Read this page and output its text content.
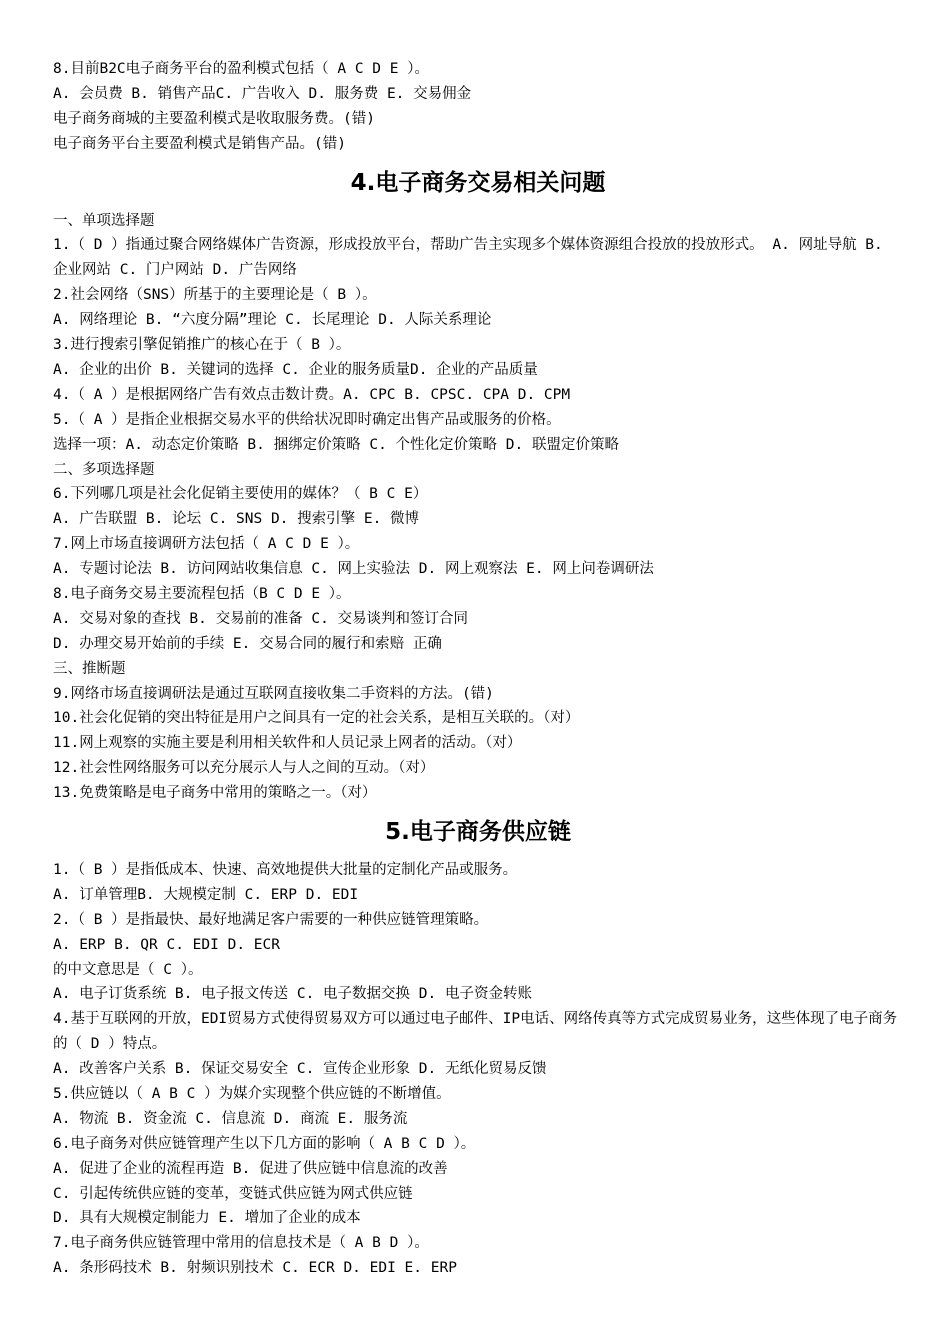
8.目前B2C电子商务平台的盈利模式包括（ A C D E ）。
A. 会员费 B. 销售产品C. 广告收入 D. 服务费 E. 交易佣金
电子商务商城的主要盈利模式是收取服务费。(错)
电子商务平台主要盈利模式是销售产品。(错)
4.电子商务交易相关问题
一、单项选择题
1.（ D ）指通过聚合网络媒体广告资源，形成投放平台，帮助广告主实现多个媒体资源组合投放的投放形式。 A. 网址导航 B. 企业网站 C. 门户网站 D. 广告网络
2.社会网络（SNS）所基于的主要理论是（ B ）。
A. 网络理论 B. “六度分隔”理论 C. 长尾理论 D. 人际关系理论
3.进行搜索引擎促销推广的核心在于（ B ）。
A. 企业的出价 B. 关键词的选择 C. 企业的服务质量D. 企业的产品质量
4.（ A ）是根据网络广告有效点击数计费。A. CPC B. CPSC. CPA D. CPM
5.（ A ）是指企业根据交易水平的供给状况即时确定出售产品或服务的价格。
选择一项：A. 动态定价策略 B. 捆绑定价策略 C. 个性化定价策略 D. 联盟定价策略
二、多项选择题
6.下列哪几项是社会化促销主要使用的媒体？（ B C E）
A. 广告联盟 B. 论坛 C. SNS D. 搜索引擎 E. 微博
7.网上市场直接调研方法包括（ A C D E ）。
A. 专题讨论法 B. 访问网站收集信息 C. 网上实验法 D. 网上观察法 E. 网上问卷调研法
8.电子商务交易主要流程包括（B C D E ）。
A. 交易对象的查找 B. 交易前的准备 C. 交易谈判和签订合同
D. 办理交易开始前的手续 E. 交易合同的履行和索赔 正确
三、推断题
9.网络市场直接调研法是通过互联网直接收集二手资料的方法。(错)
10.社会化促销的突出特征是用户之间具有一定的社会关系，是相互关联的。（对）
11.网上观察的实施主要是利用相关软件和人员记录上网者的活动。（对）
12.社会性网络服务可以充分展示人与人之间的互动。（对）
13.免费策略是电子商务中常用的策略之一。（对）
5.电子商务供应链
1.（ B ）是指低成本、快速、高效地提供大批量的定制化产品或服务。
A. 订单管理B. 大规模定制 C. ERP D. EDI
2.（ B ）是指最快、最好地满足客户需要的一种供应链管理策略。
A. ERP B. QR C. EDI D. ECR
的中文意思是（ C ）。
A. 电子订货系统 B. 电子报文传送 C. 电子数据交换 D. 电子资金转账
4.基于互联网的开放，EDI贸易方式使得贸易双方可以通过电子邮件、IP电话、网络传真等方式完成贸易业务，这些体现了电子商务的（ D ）特点。
A. 改善客户关系 B. 保证交易安全 C. 宣传企业形象 D. 无纸化贸易反馈
5.供应链以（ A B C ）为媒介实现整个供应链的不断增值。
A. 物流 B. 资金流 C. 信息流 D. 商流 E. 服务流
6.电子商务对供应链管理产生以下几方面的影响（ A B C D ）。
A. 促进了企业的流程再造 B. 促进了供应链中信息流的改善
C. 引起传统供应链的变革，变链式供应链为网式供应链
D. 具有大规模定制能力 E. 增加了企业的成本
7.电子商务供应链管理中常用的信息技术是（ A B D ）。
A. 条形码技术 B. 射频识别技术 C. ECR D. EDI E. ERP
